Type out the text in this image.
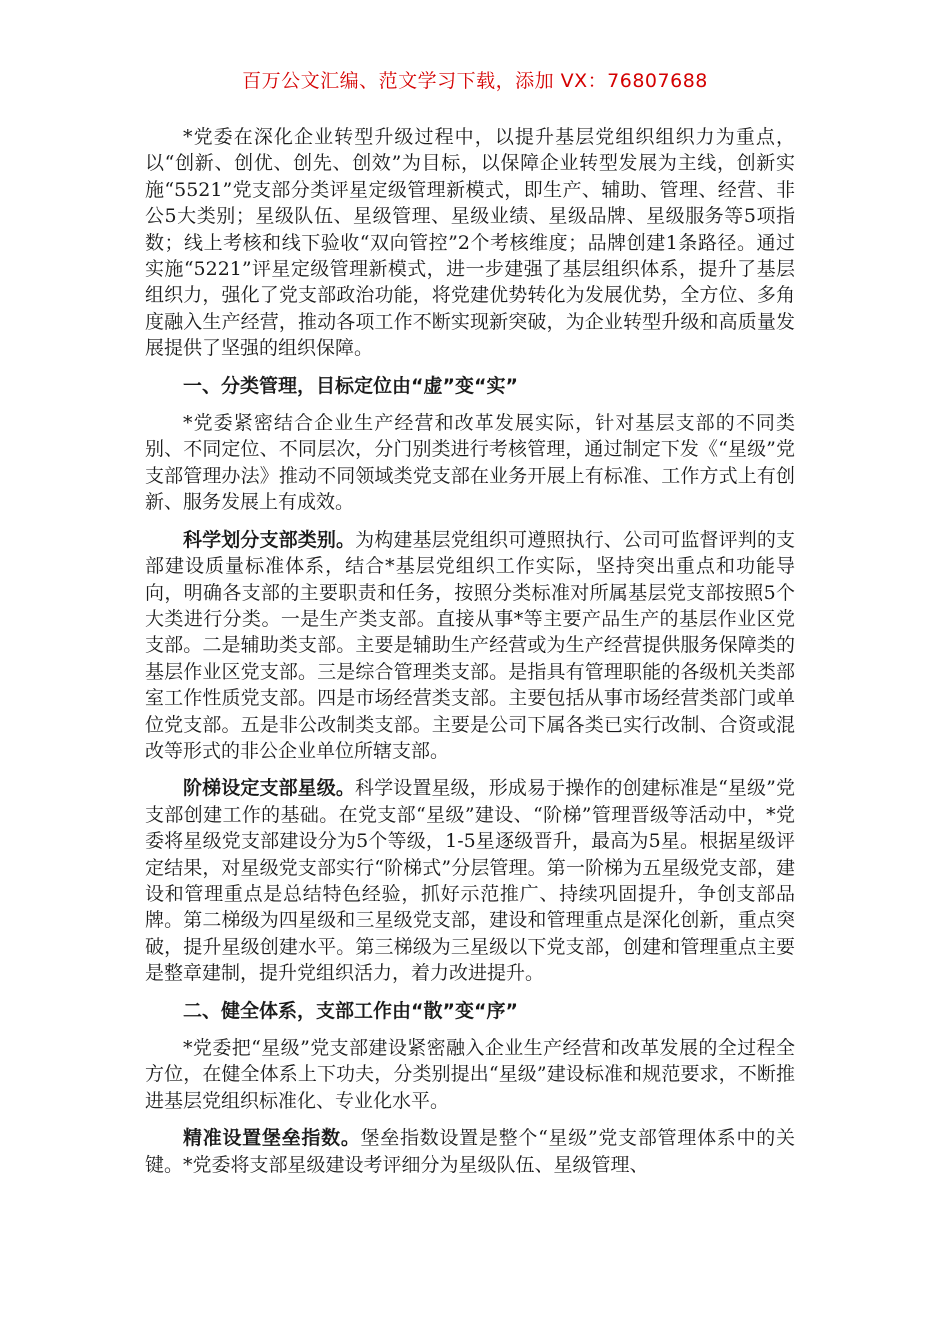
百万公文汇编、范文学习下载，添加 VX：76807688

*党委在深化企业转型升级过程中，以提升基层党组织组织力为重点，以“创新、创优、创先、创效”为目标，以保障企业转型发展为主线，创新实施“5521”党支部分类评星定级管理新模式，即生产、辅助、管理、经营、非公5大类别；星级队伍、星级管理、星级业绩、星级品牌、星级服务等5项指数；线上考核和线下验收“双向管控”2个考核维度；品牌创建1条路径。通过实施“5221”评星定级管理新模式，进一步建强了基层组织体系，提升了基层组织力，强化了党支部政治功能，将党建优势转化为发展优势，全方位、多角度融入生产经营，推动各项工作不断实现新突破，为企业转型升级和高质量发展提供了坚强的组织保障。

一、分类管理，目标定位由“虚”变“实”

*党委紧密结合企业生产经营和改革发展实际，针对基层支部的不同类别、不同定位、不同层次，分门别类进行考核管理，通过制定下发《“星级”党支部管理办法》推动不同领域类党支部在业务开展上有标准、工作方式上有创新、服务发展上有成效。

科学划分支部类别。为构建基层党组织可遵照执行、公司可监督评判的支部建设质量标准体系，结合*基层党组织工作实际，坚持突出重点和功能导向，明确各支部的主要职责和任务，按照分类标准对所属基层党支部按照5个大类进行分类。一是生产类支部。直接从事*等主要产品生产的基层作业区党支部。二是辅助类支部。主要是辅助生产经营或为生产经营提供服务保障类的基层作业区党支部。三是综合管理类支部。是指具有管理职能的各级机关类部室工作性质党支部。四是市场经营类支部。主要包括从事市场经营类部门或单位党支部。五是非公改制类支部。主要是公司下属各类已实行改制、合资或混改等形式的非公企业单位所辖支部。

阶梯设定支部星级。科学设置星级，形成易于操作的创建标准是“星级”党支部创建工作的基础。在党支部“星级”建设、“阶梯”管理晋级等活动中，*党委将星级党支部建设分为5个等级，1-5星逐级晋升，最高为5星。根据星级评定结果，对星级党支部实行“阶梯式”分层管理。第一阶梯为五星级党支部，建设和管理重点是总结特色经验，抓好示范推广、持续巩固提升，争创支部品牌。第二梯级为四星级和三星级党支部，建设和管理重点是深化创新，重点突破，提升星级创建水平。第三梯级为三星级以下党支部，创建和管理重点主要是整章建制，提升党组织活力，着力改进提升。

二、健全体系，支部工作由“散”变“序”

*党委把“星级”党支部建设紧密融入企业生产经营和改革发展的全过程全方位，在健全体系上下功夫，分类别提出“星级”建设标准和规范要求，不断推进基层党组织标准化、专业化水平。

精准设置堡垒指数。堡垒指数设置是整个“星级”党支部管理体系中的关键。*党委将支部星级建设考评细分为星级队伍、星级管理、
